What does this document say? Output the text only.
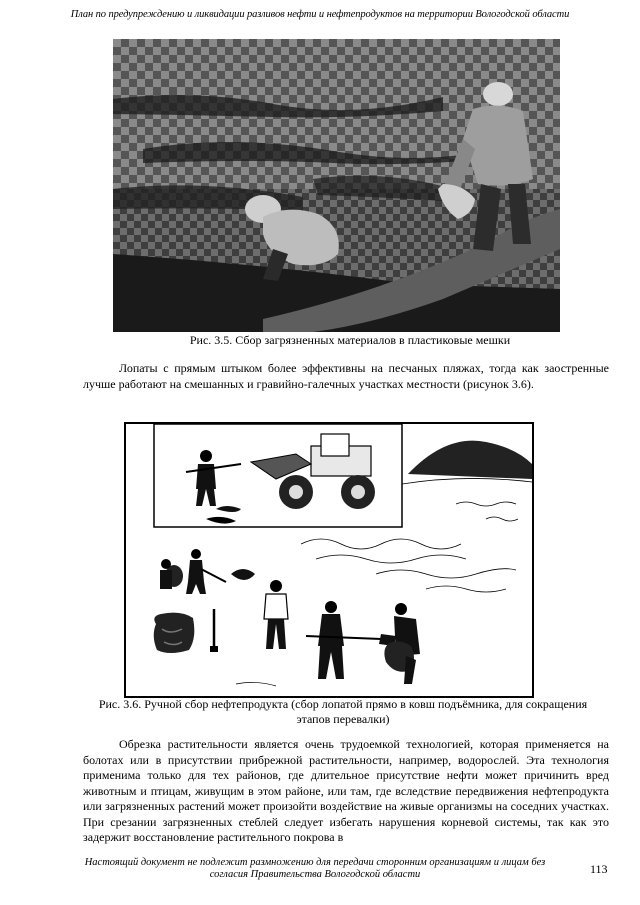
План по предупреждению и ликвидации разливов нефти и нефтепродуктов на территории Вологодской области
Рис. 3.5. Сбор загрязненных материалов в пластиковые мешки
Лопаты с прямым штыком более эффективны на песчаных пляжах, тогда как заостренные лучше работают на смешанных и гравийно-галечных участках местности (рисунок 3.6).
Рис. 3.6. Ручной сбор нефтепродукта (сбор лопатой прямо в ковш подъёмника, для сокращения этапов перевалки)

Обрезка растительности является очень трудоемкой технологией, которая применяется на болотах или в присутствии прибрежной растительности, например, водорослей. Эта технология применима только для тех районов, где длительное присутствие нефти может причинить вред животным и птицам, живущим в этом районе, или там, где вследствие передвижения нефтепродукта или загрязненных растений может произойти воздействие на живые организмы на соседних участках. При срезании загрязненных стеблей следует избегать нарушения корневой системы, так как это задержит восстановление растительного покрова в

Настоящий документ не подлежит размножению для передачи сторонним организациям и лицам без согласия Правительства Вологодской области	113
